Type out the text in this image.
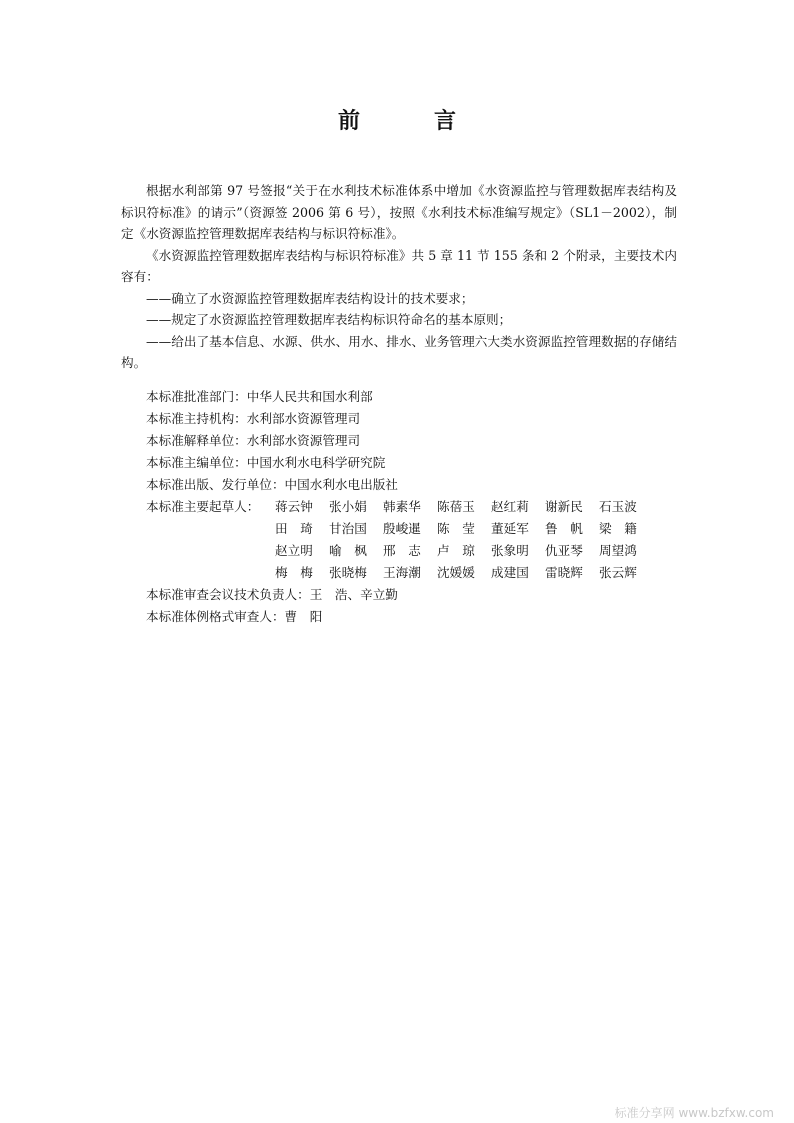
前　言

根据水利部第 97 号签报“关于在水利技术标准体系中增加《水资源监控与管理数据库表结构及标识符标准》的请示”（资源签 2006 第 6 号），按照《水利技术标准编写规定》（SL1－2002），制定《水资源监控管理数据库表结构与标识符标准》。

《水资源监控管理数据库表结构与标识符标准》共 5 章 11 节 155 条和 2 个附录，主要技术内容有：

——确立了水资源监控管理数据库表结构设计的技术要求；

——规定了水资源监控管理数据库表结构标识符命名的基本原则；

——给出了基本信息、水源、供水、用水、排水、业务管理六大类水资源监控管理数据的存储结构。

本标准批准部门：中华人民共和国水利部
本标准主持机构：水利部水资源管理司
本标准解释单位：水利部水资源管理司
本标准主编单位：中国水利水电科学研究院
本标准出版、发行单位：中国水利水电出版社
本标准主要起草人：	蒋云钟	张小娟	韩素华	陈蓓玉	赵红莉	谢新民	石玉波
田　琦	甘治国	殷峻暹	陈　莹	董延军	鲁　帆	梁　籍
赵立明	喻　枫	邢　志	卢　琼	张象明	仇亚琴	周望鸿
梅　梅	张晓梅	王海潮	沈媛媛	成建国	雷晓辉	张云辉
本标准审查会议技术负责人：王　浩、辛立勤
本标准体例格式审查人：曹　阳
标准分享网 www.bzfxw.com
